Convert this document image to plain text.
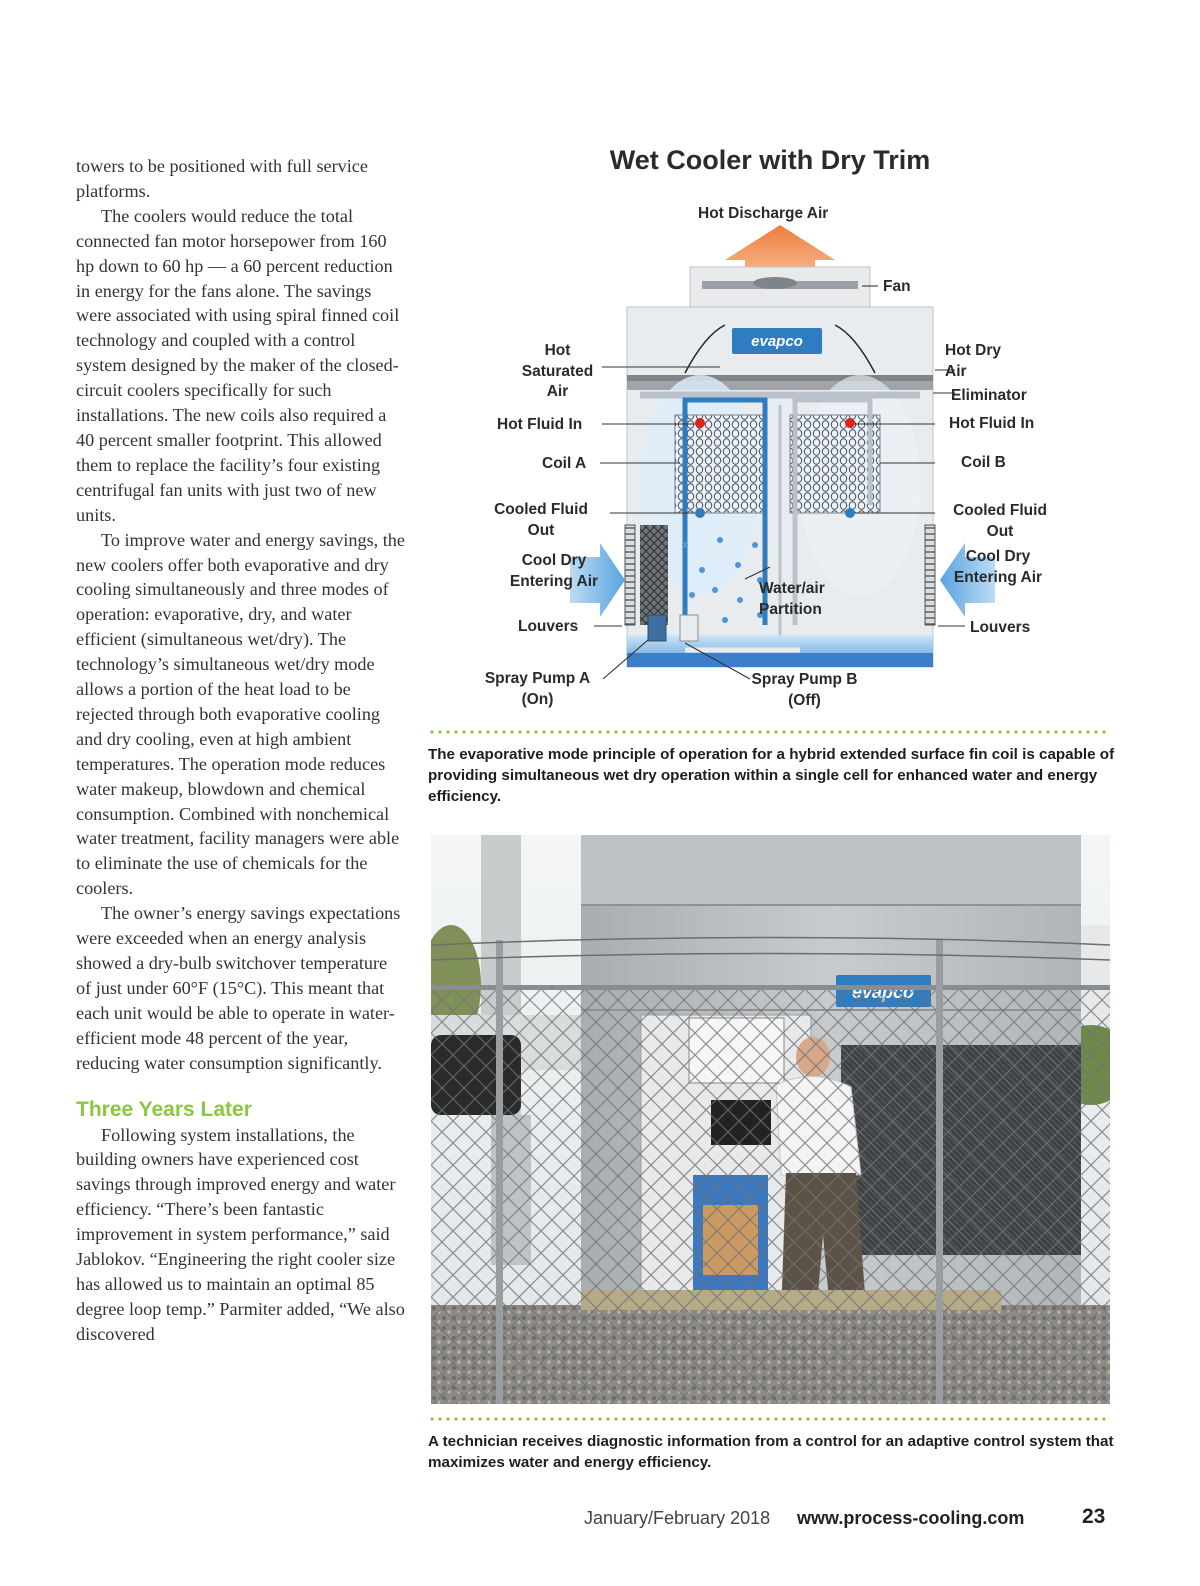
towers to be positioned with full service platforms.

The coolers would reduce the total connected fan motor horsepower from 160 hp down to 60 hp — a 60 percent reduction in energy for the fans alone. The savings were associated with using spiral finned coil technology and coupled with a control system designed by the maker of the closed-circuit coolers specifically for such installations. The new coils also required a 40 percent smaller footprint. This allowed them to replace the facility’s four existing centrifugal fan units with just two of new units.

To improve water and energy savings, the new coolers offer both evaporative and dry cooling simultaneously and three modes of operation: evaporative, dry, and water efficient (simultaneous wet/dry). The technology’s simultaneous wet/dry mode allows a portion of the heat load to be rejected through both evaporative cooling and dry cooling, even at high ambient temperatures. The operation mode reduces water makeup, blowdown and chemical consumption. Combined with nonchemical water treatment, facility managers were able to eliminate the use of chemicals for the coolers.

The owner’s energy savings expectations were exceeded when an energy analysis showed a dry-bulb switchover temperature of just under 60°F (15°C). This meant that each unit would be able to operate in water-efficient mode 48 percent of the year, reducing water consumption significantly.

Three Years Later

Following system installations, the building owners have experienced cost savings through improved energy and water efficiency. “There’s been fantastic improvement in system performance,” said Jablokov. “Engineering the right cooler size has allowed us to maintain an optimal 85 degree loop temp.” Parmiter added, “We also discovered

Wet Cooler with Dry Trim
evapco
Hot Discharge Air
Fan
Hot
Saturated
Air
Hot Dry
Air
Eliminator
Hot Fluid In	Hot Fluid In
Coil A	Coil B
Cooled Fluid
Out
Cooled Fluid
Out
Cool Dry
Entering Air
Cool Dry
Entering Air
Water/air
Partition
Louvers	Louvers
Spray Pump A
(On)
Spray Pump B
(Off)
The evaporative mode principle of operation for a hybrid extended surface fin coil is capable of providing simultaneous wet dry operation within a single cell for enhanced water and energy efficiency.
A technician receives diagnostic information from a control for an adaptive control system that maximizes water and energy efficiency.
January/February 2018 www.process-cooling.com	23
